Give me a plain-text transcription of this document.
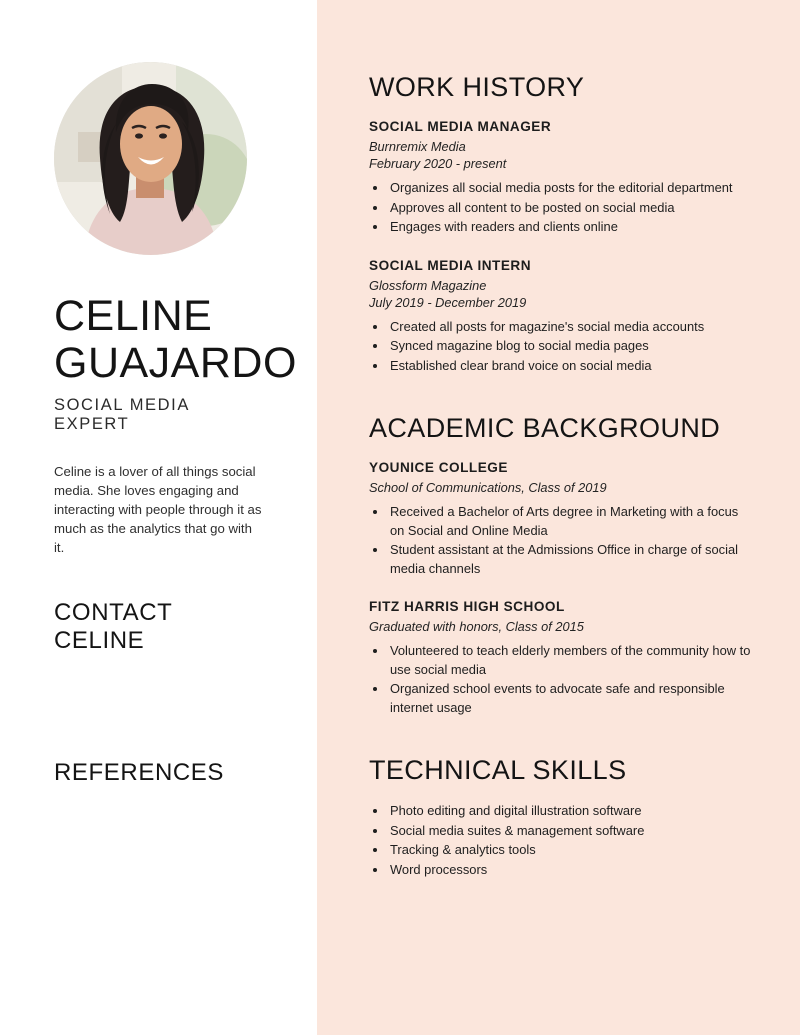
CELINE
GUAJARDO
SOCIAL MEDIA EXPERT
Celine is a lover of all things social media. She loves engaging and interacting with people through it as much as the analytics that go with it.
CONTACT CELINE
REFERENCES
WORK HISTORY
SOCIAL MEDIA MANAGER
Burnremix Media
February 2020 - present
• Organizes all social media posts for the editorial department
• Approves all content to be posted on social media
• Engages with readers and clients online
SOCIAL MEDIA INTERN
Glossform Magazine
July 2019 - December 2019
• Created all posts for magazine's social media accounts
• Synced magazine blog to social media pages
• Established clear brand voice on social media
ACADEMIC BACKGROUND
YOUNICE COLLEGE
School of Communications, Class of 2019
• Received a Bachelor of Arts degree in Marketing with a focus on Social and Online Media
• Student assistant at the Admissions Office in charge of social media channels
FITZ HARRIS HIGH SCHOOL
Graduated with honors, Class of 2015
• Volunteered to teach elderly members of the community how to use social media
• Organized school events to advocate safe and responsible internet usage
TECHNICAL SKILLS
• Photo editing and digital illustration software
• Social media suites & management software
• Tracking & analytics tools
• Word processors
